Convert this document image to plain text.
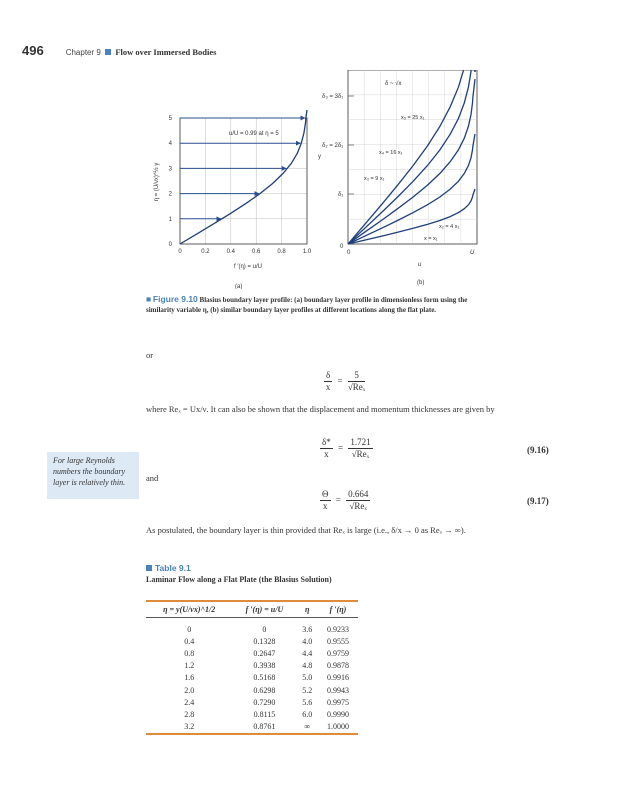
496	Chapter 9 Flow over Immersed Bodies
0
1
2
3
4
5
0	0.2	0.4	0.6	0.8	1.0
u/U = 0.99 at η = 5
f ′(η) = u/U
η = (U/νx)^½ y
(a)
δ₃ = 3δ₁
δ₂ = 2δ₁
δ₁
y
0
0	U
u
δ ~ √x
x₅ = 25 x₁
x₄ = 16 x₁
x₃ = 9 x₁
x₂ = 4 x₁
x = x₁
(b)
■ Figure 9.10 Blasius boundary layer profile: (a) boundary layer profile in dimensionless form using the similarity variable η, (b) similar boundary layer profiles at different locations along the flat plate.
or
$\frac{\delta}{x} = \frac{5}{\text{√Reₓ}}$
where Reₓ = Ux/ν. It can also be shown that the displacement and momentum thicknesses are given by
$\frac{\delta*}{x} = \frac{1.721}{\text{√Reₓ}}$	(9.16)
For large Reynolds numbers the boundary layer is relatively thin.	and
$\frac{\Theta}{x} = \frac{0.664}{\text{√Reₓ}}$	(9.17)
As postulated, the boundary layer is thin provided that Reₓ is large (i.e., δ/x → 0 as Reₓ → ∞).
Table 9.1
Laminar Flow along a Flat Plate (the Blasius Solution)
η = y(U/νx)^1/2	f ′(η) = u/U	η	f ′(η)
0	0	3.6	0.9233
0.4	0.1328	4.0	0.9555
0.8	0.2647	4.4	0.9759
1.2	0.3938	4.8	0.9878
1.6	0.5168	5.0	0.9916
2.0	0.6298	5.2	0.9943
2.4	0.7290	5.6	0.9975
2.8	0.8115	6.0	0.9990
3.2	0.8761	∞	1.0000
